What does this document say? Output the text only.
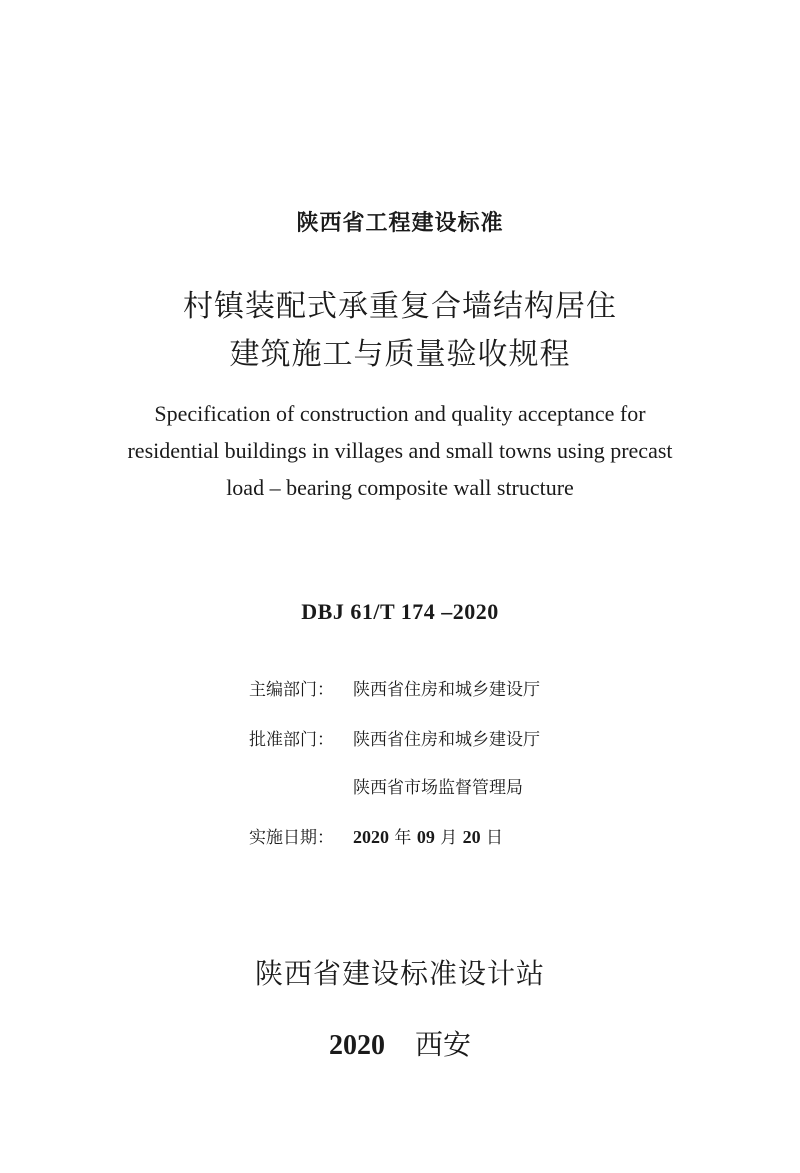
陕西省工程建设标准
村镇装配式承重复合墙结构居住
建筑施工与质量验收规程
Specification of construction and quality acceptance for
residential buildings in villages and small towns using precast
load – bearing composite wall structure
DBJ 61/T 174 –2020
主编部门： 陕西省住房和城乡建设厅
批准部门： 陕西省住房和城乡建设厅
陕西省市场监督管理局
实施日期： 2020 年 09 月 20 日
陕西省建设标准设计站
2020 西安
